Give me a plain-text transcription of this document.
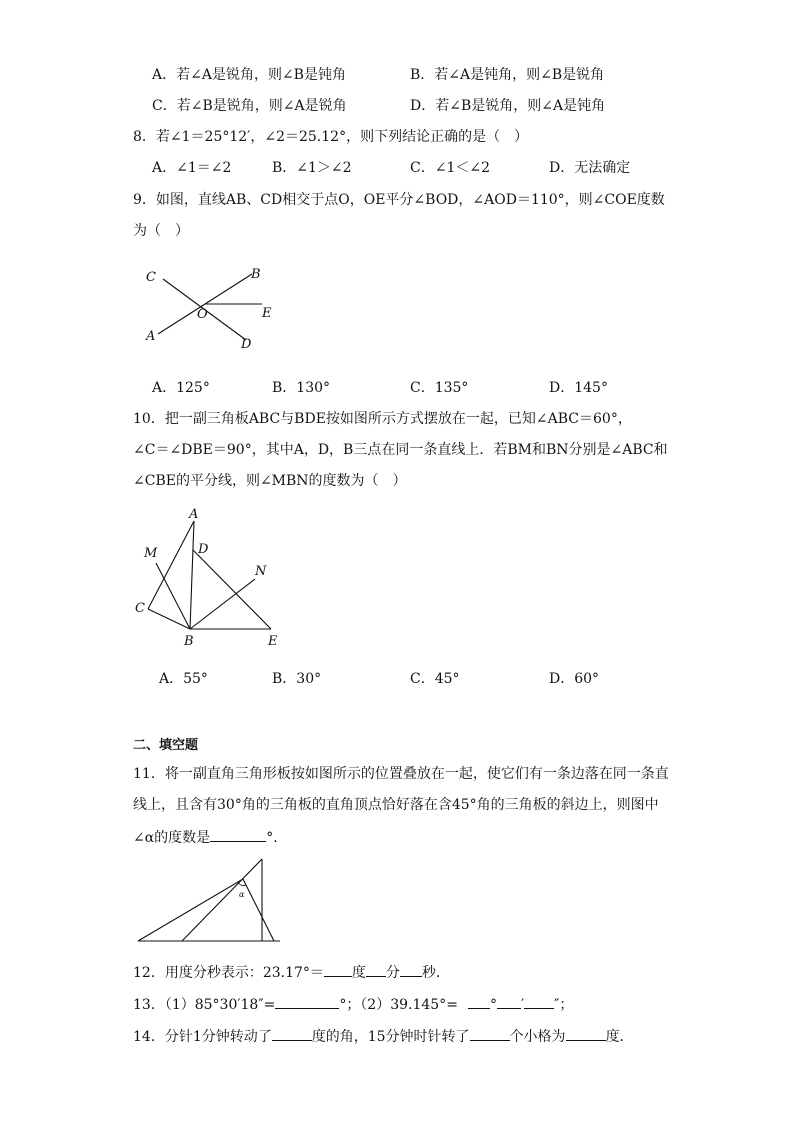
A．若∠A是锐角，则∠B是钝角	B．若∠A是钝角，则∠B是锐角
C．若∠B是锐角，则∠A是锐角	D．若∠B是锐角，则∠A是钝角
8．若∠1＝25°12′，∠2＝25.12°，则下列结论正确的是（　）
A．∠1＝∠2	B．∠1＞∠2	C．∠1＜∠2	D．无法确定
9．如图，直线AB、CD相交于点O，OE平分∠BOD，∠AOD＝110°，则∠COE度数
为（　）
C	B
E
O
A
D
A．125°	B．130°	C．135°	D．145°
10．把一副三角板ABC与BDE按如图所示方式摆放在一起，已知∠ABC＝60°，
∠C＝∠DBE＝90°，其中A，D，B三点在同一条直线上．若BM和BN分别是∠ABC和
∠CBE的平分线，则∠MBN的度数为（　）
A
D
M
N
C
B	E
A．55°	B．30°	C．45°	D．60°
二、填空题
11．将一副直角三角形板按如图所示的位置叠放在一起，使它们有一条边落在同一条直
线上，且含有30°角的三角板的直角顶点恰好落在含45°角的三角板的斜边上，则图中
∠α的度数是	°．
α
12．用度分秒表示：23.17°＝ 度 分 秒．
13．（1）85°30′18″=	°；（2）39.145°= ° ′ ″；
14．分针1分钟转动了	度的角，15分钟时针转了	个小格为	度．
